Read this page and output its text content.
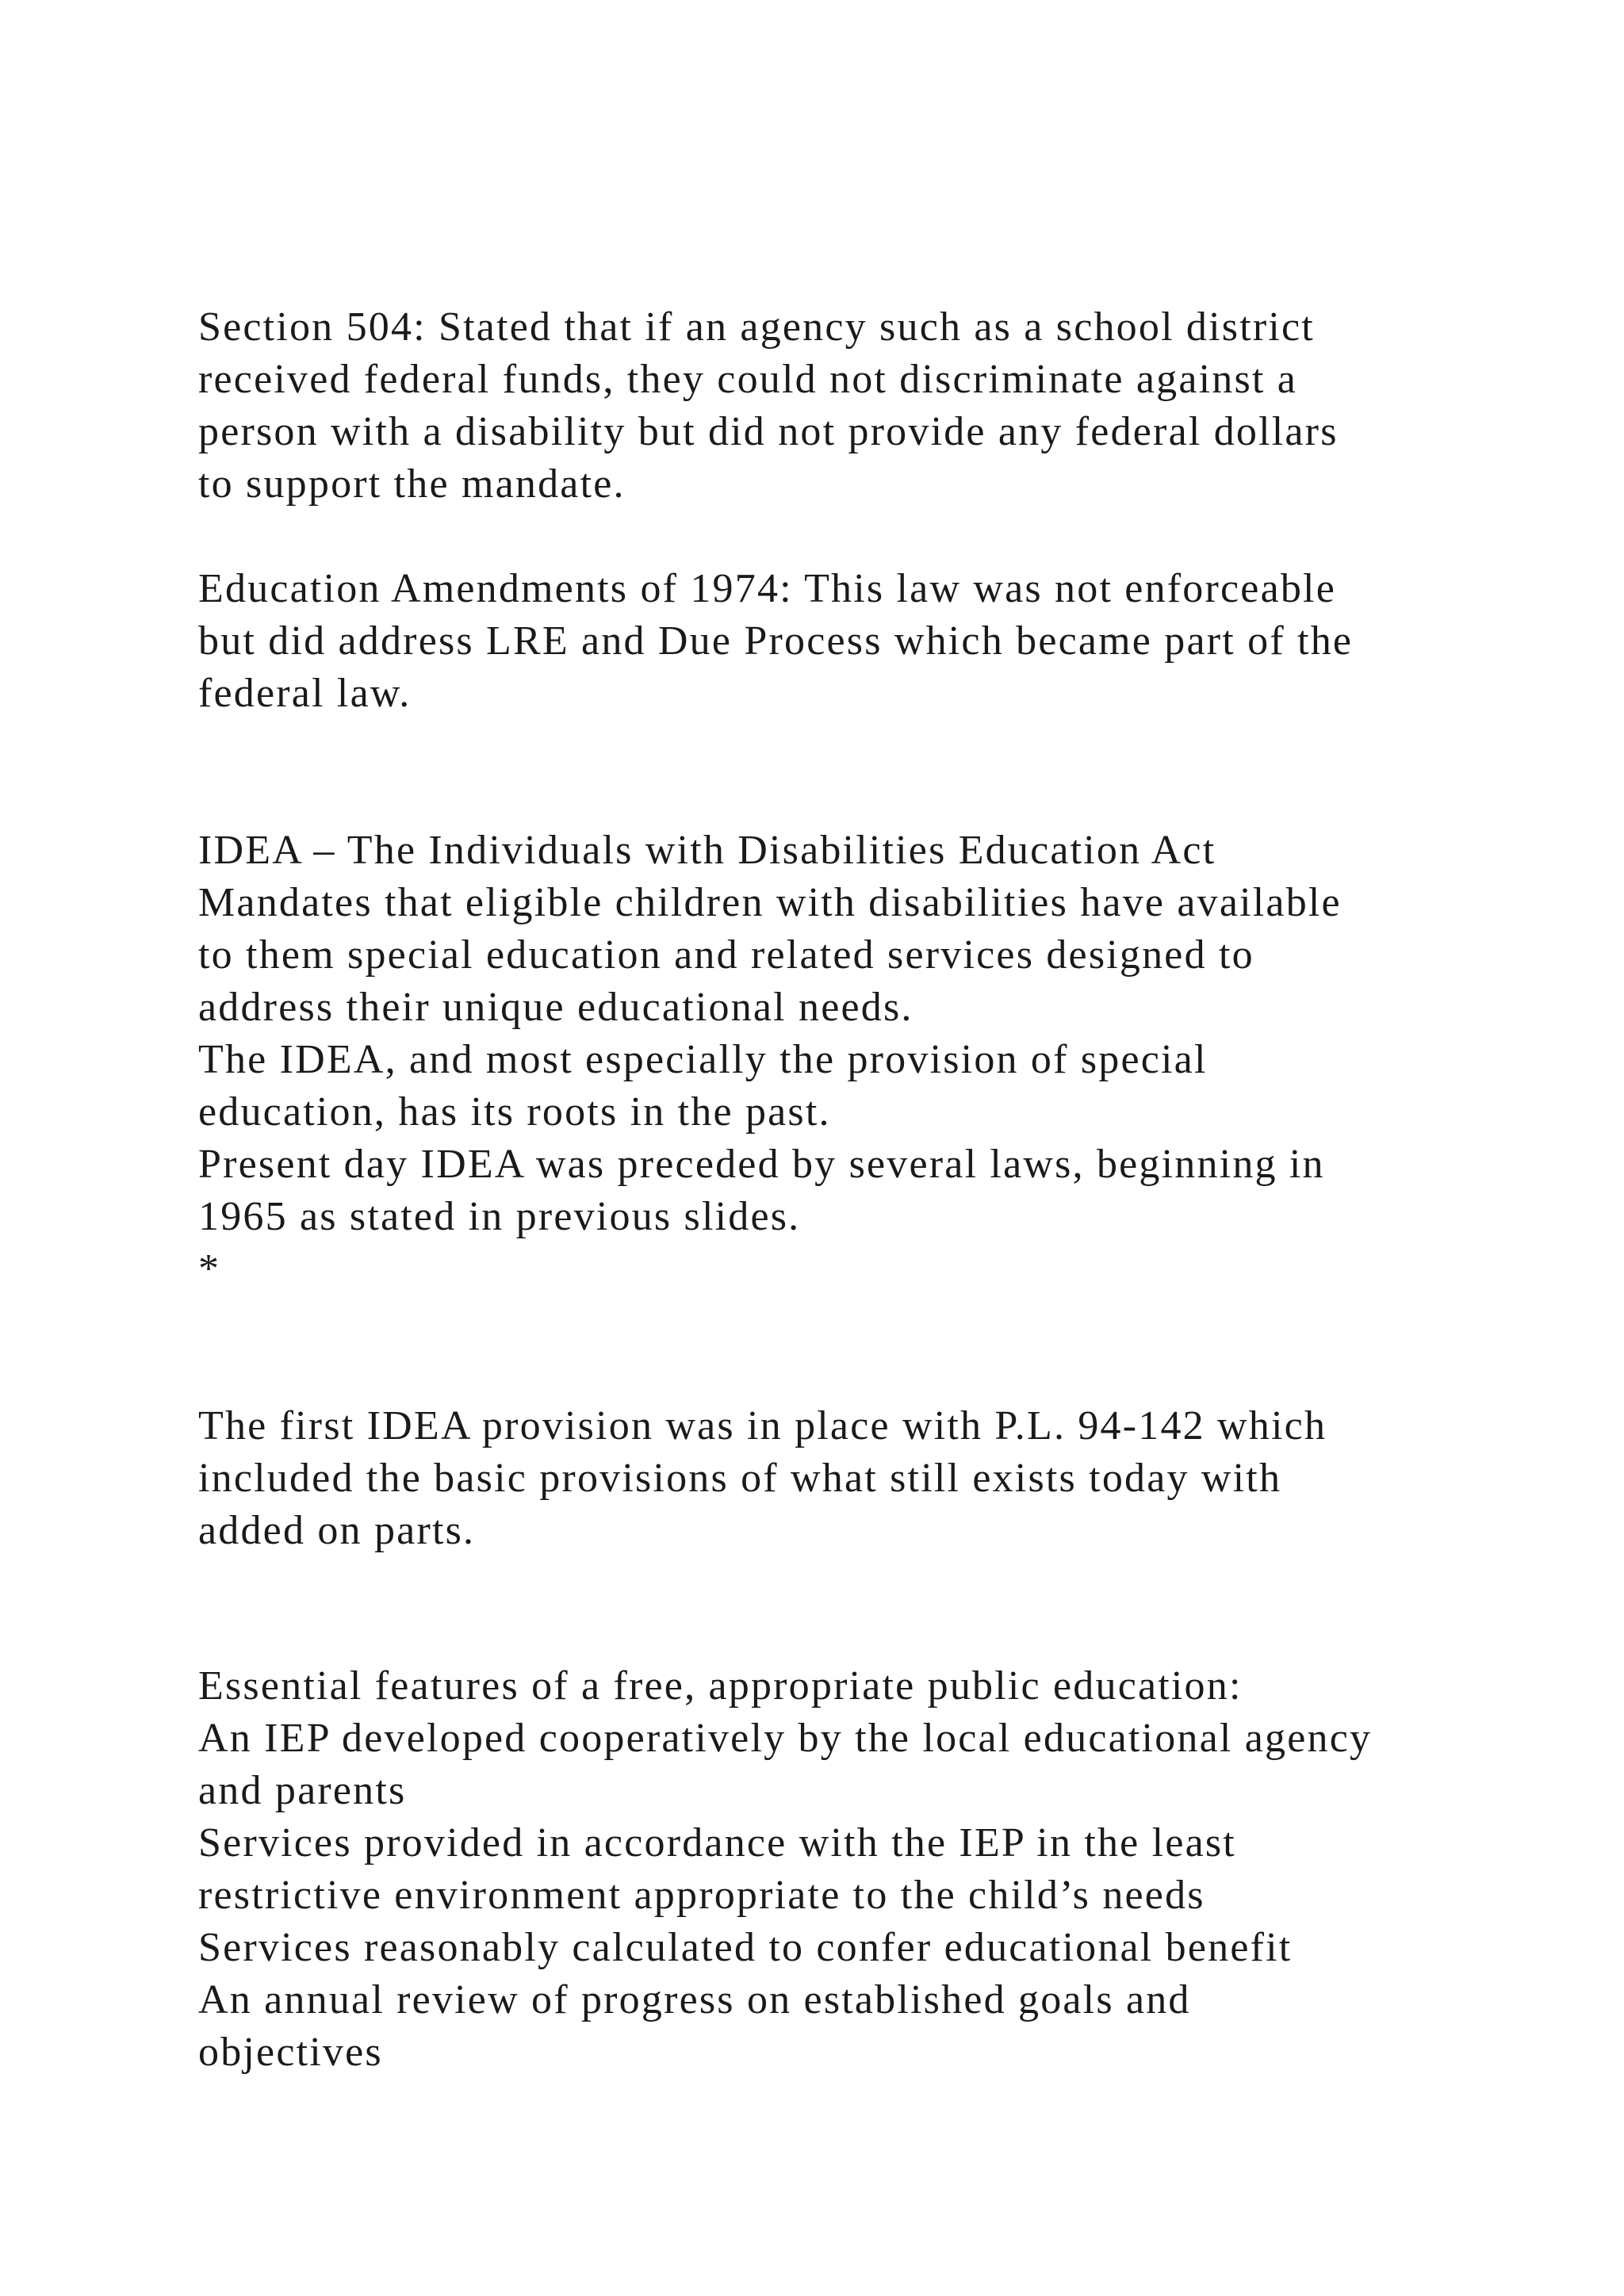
Section 504: Stated that if an agency such as a school district

received federal funds, they could not discriminate against a

person with a disability but did not provide any federal dollars

to support the mandate.

Education Amendments of 1974: This law was not enforceable

but did address LRE and Due Process which became part of the

federal law.

IDEA – The Individuals with Disabilities Education Act

Mandates that eligible children with disabilities have available

to them special education and related services designed to

address their unique educational needs.

The IDEA, and most especially the provision of special

education, has its roots in the past.

Present day IDEA was preceded by several laws, beginning in

1965 as stated in previous slides.

*

The first IDEA provision was in place with P.L. 94-142 which

included the basic provisions of what still exists today with

added on parts.

Essential features of a free, appropriate public education:

An IEP developed cooperatively by the local educational agency

and parents

Services provided in accordance with the IEP in the least

restrictive environment appropriate to the child’s needs

Services reasonably calculated to confer educational benefit

An annual review of progress on established goals and

objectives
